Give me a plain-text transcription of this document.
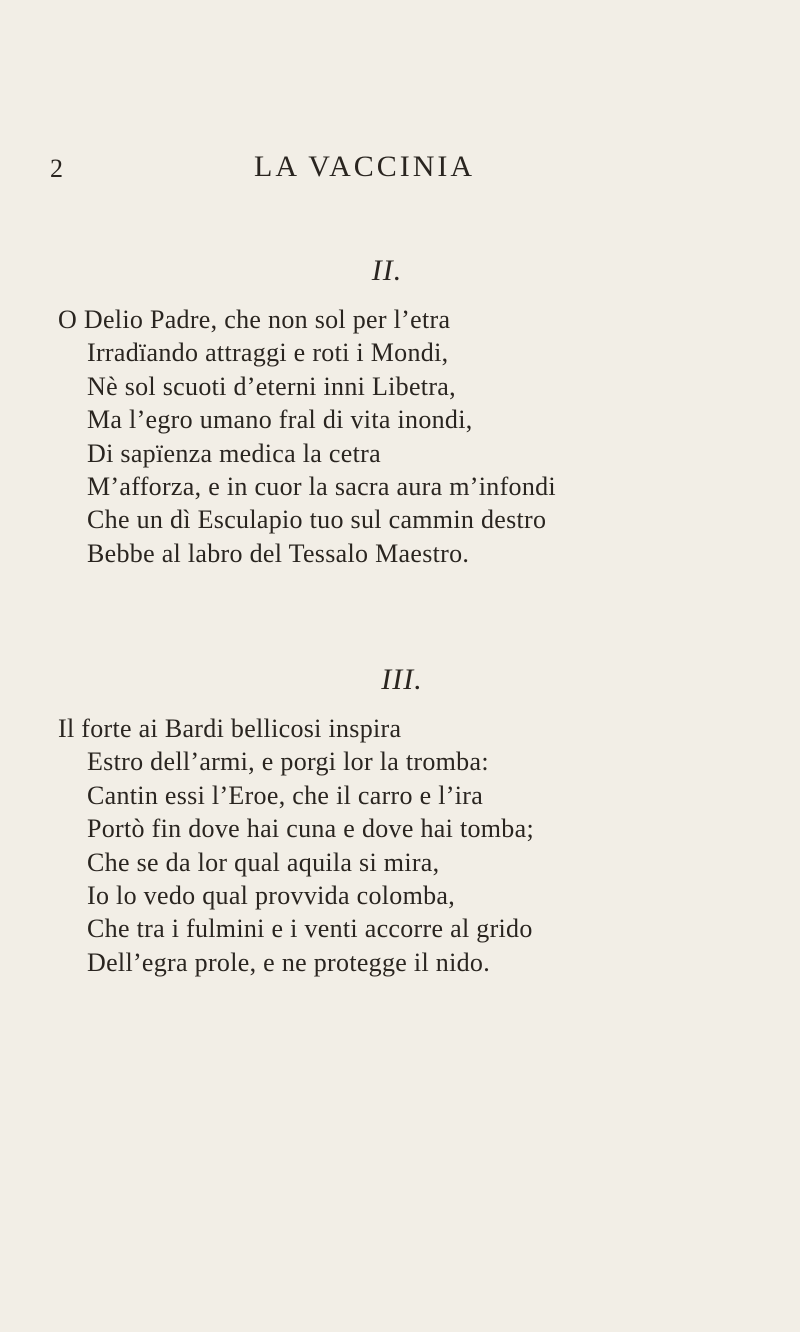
2	LA VACCINIA
II.
O Delio Padre, che non sol per l’etra
Irradïando attraggi e roti i Mondi,
Nè sol scuoti d’eterni inni Libetra,
Ma l’egro umano fral di vita inondi,
Di sapïenza medica la cetra
M’afforza, e in cuor la sacra aura m’infondi
Che un dì Esculapio tuo sul cammin destro
Bebbe al labro del Tessalo Maestro.
III.
Il forte ai Bardi bellicosi inspira
Estro dell’armi, e porgi lor la tromba:
Cantin essi l’Eroe, che il carro e l’ira
Portò fin dove hai cuna e dove hai tomba;
Che se da lor qual aquila si mira,
Io lo vedo qual provvida colomba,
Che tra i fulmini e i venti accorre al grido
Dell’egra prole, e ne protegge il nido.
